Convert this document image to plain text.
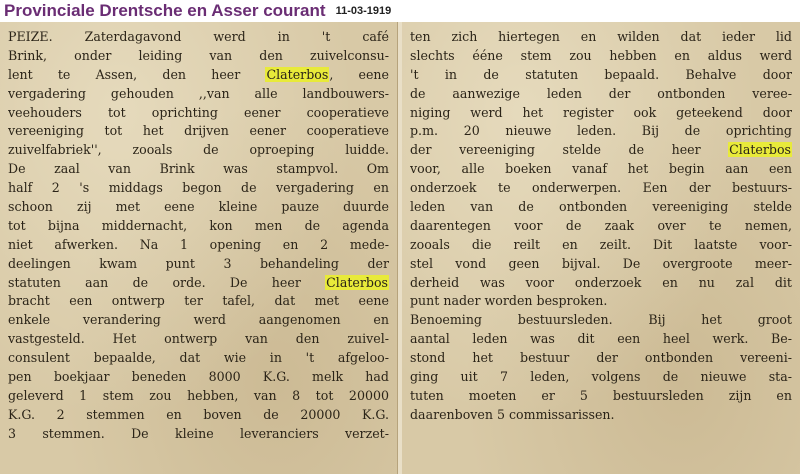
Provinciale Drentsche en Asser courant 11-03-1919
PEIZE. Zaterdagavond werd in 't café
Brink, onder leiding van den zuivelconsu-
lent te Assen, den heer Claterbos, eene
vergadering gehouden ,,van alle landbouwers-
veehouders tot oprichting eener cooperatieve
vereeniging tot het drijven eener cooperatieve
zuivelfabriek'', zooals de oproeping luidde.
De zaal van Brink was stampvol. Om
half 2 's middags begon de vergadering en
schoon zij met eene kleine pauze duurde
tot bijna middernacht, kon men de agenda
niet afwerken. Na 1 opening en 2 mede-
deelingen kwam punt 3 behandeling der
statuten aan de orde. De heer Claterbos
bracht een ontwerp ter tafel, dat met eene
enkele verandering werd aangenomen en
vastgesteld. Het ontwerp van den zuivel-
consulent bepaalde, dat wie in 't afgeloo-
pen boekjaar beneden 8000 K.G. melk had
geleverd 1 stem zou hebben, van 8 tot 20000
K.G. 2 stemmen en boven de 20000 K.G.
3 stemmen. De kleine leveranciers verzet-
ten zich hiertegen en wilden dat ieder lid
slechts ééne stem zou hebben en aldus werd
't in de statuten bepaald. Behalve door
de aanwezige leden der ontbonden veree-
niging werd het register ook geteekend door
p.m. 20 nieuwe leden. Bij de oprichting
der vereeniging stelde de heer Claterbos
voor, alle boeken vanaf het begin aan een
onderzoek te onderwerpen. Een der bestuurs-
leden van de ontbonden vereeniging stelde
daarentegen voor de zaak over te nemen,
zooals die reilt en zeilt. Dit laatste voor-
stel vond geen bijval. De overgroote meer-
derheid was voor onderzoek en nu zal dit
punt nader worden besproken.
Benoeming bestuursleden. Bij het groot
aantal leden was dit een heel werk. Be-
stond het bestuur der ontbonden vereeni-
ging uit 7 leden, volgens de nieuwe sta-
tuten moeten er 5 bestuursleden zijn en
daarenboven 5 commissarissen.
